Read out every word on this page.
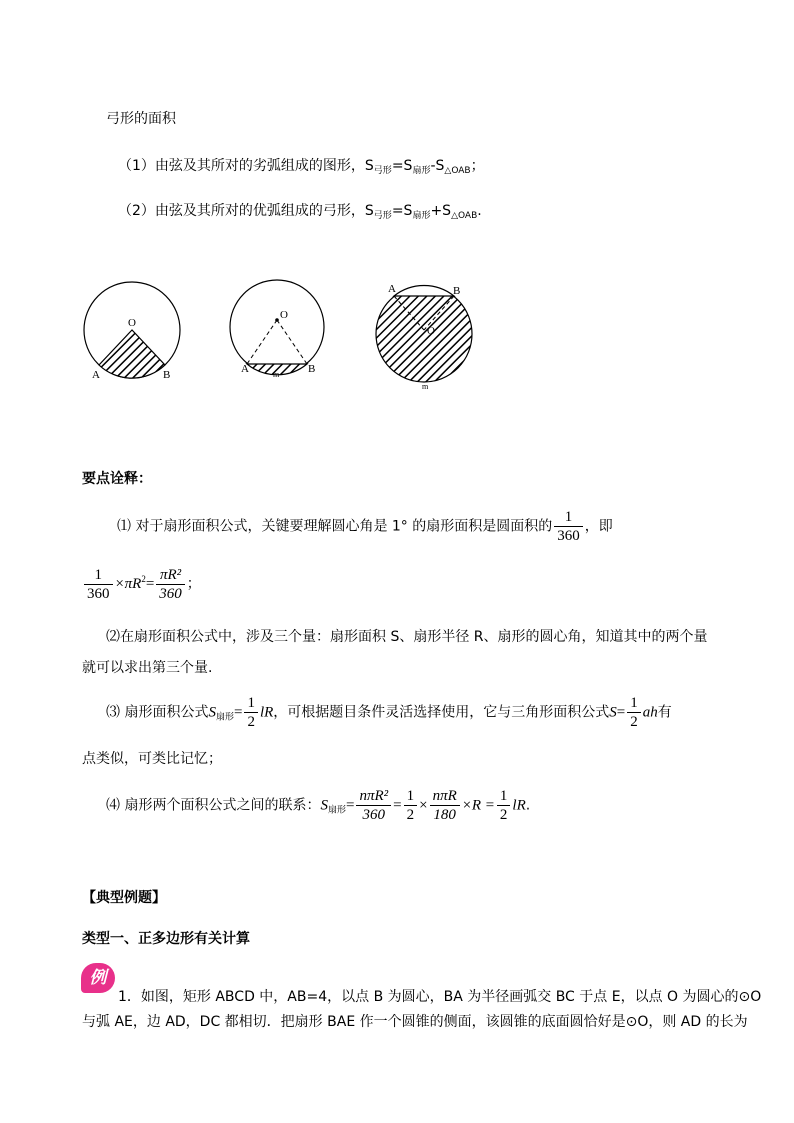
弓形的面积
（1）由弦及其所对的劣弧组成的图形，$S_{弓形}=S_{扇形}-S_{\triangle OAB}$；
（2）由弦及其所对的优弧组成的弓形，$S_{弓形}=S_{扇形}+S_{\triangle OAB}$.
O
A	B
O
A	B
m
O
A	B
m
要点诠释：
⑴ 对于扇形面积公式，关键要理解圆心角是 1° 的扇形面积是圆面积的 $\frac{1}{360}$ ，即
$\frac{1}{360} \times\pi R^2= \frac{\text{πR²}}{360}$ ；
⑵在扇形面积公式中，涉及三个量：扇形面积 S、扇形半径 R、扇形的圆心角，知道其中的两个量
就可以求出第三个量.
⑶ 扇形面积公式$S_{扇形}= \frac{1}{2}$ lR，可根据题目条件灵活选择使用，它与三角形面积公式$S= \frac{1}{2}$ ah有
点类似，可类比记忆；
⑷ 扇形两个面积公式之间的联系：$S_{扇形}= \frac{\text{nπR²}}{360} = \frac{1}{2} \times \frac{\text{nπR}}{180} \times R = \frac{1}{2}$ lR.
【典型例题】
类型一、正多边形有关计算
例
1．如图，矩形 ABCD 中，AB=4，以点 B 为圆心，BA 为半径画弧交 BC 于点 E，以点 O 为圆心的⊙O
与弧 AE，边 AD，DC 都相切．把扇形 BAE 作一个圆锥的侧面，该圆锥的底面圆恰好是⊙O，则 AD 的长为
